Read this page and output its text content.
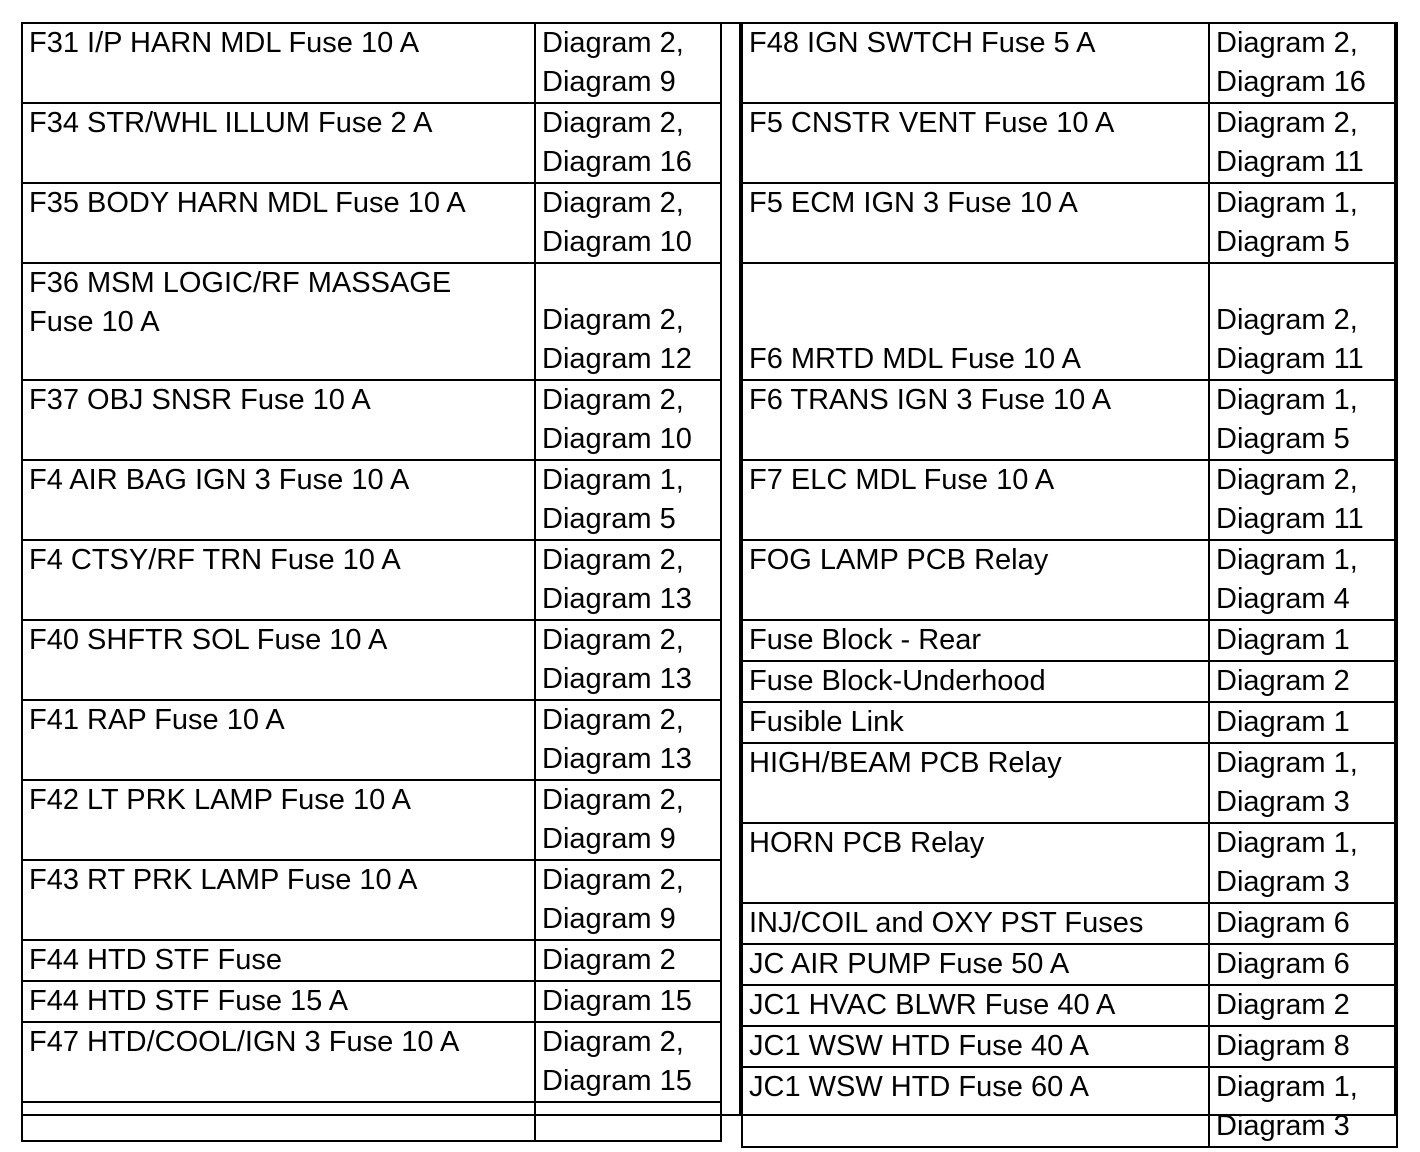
F31 I/P HARN MDL Fuse 10 A	Diagram 2,
Diagram 9
F34 STR/WHL ILLUM Fuse 2 A	Diagram 2,
Diagram 16
F35 BODY HARN MDL Fuse 10 A	Diagram 2,
Diagram 10
F36 MSM LOGIC/RF MASSAGE
Fuse 10 A	Diagram 2,
Diagram 12
F37 OBJ SNSR Fuse 10 A	Diagram 2,
Diagram 10
F4 AIR BAG IGN 3 Fuse 10 A	Diagram 1,
Diagram 5
F4 CTSY/RF TRN Fuse 10 A	Diagram 2,
Diagram 13
F40 SHFTR SOL Fuse 10 A	Diagram 2,
Diagram 13
F41 RAP Fuse 10 A	Diagram 2,
Diagram 13
F42 LT PRK LAMP Fuse 10 A	Diagram 2,
Diagram 9
F43 RT PRK LAMP Fuse 10 A	Diagram 2,
Diagram 9
F44 HTD STF Fuse	Diagram 2
F44 HTD STF Fuse 15 A	Diagram 15
F47 HTD/COOL/IGN 3 Fuse 10 A	Diagram 2,
Diagram 15

F48 IGN SWTCH Fuse 5 A	Diagram 2,
Diagram 16
F5 CNSTR VENT Fuse 10 A	Diagram 2,
Diagram 11
F5 ECM IGN 3 Fuse 10 A	Diagram 1,
Diagram 5
F6 MRTD MDL Fuse 10 A	Diagram 2,
Diagram 11
F6 TRANS IGN 3 Fuse 10 A	Diagram 1,
Diagram 5
F7 ELC MDL Fuse 10 A	Diagram 2,
Diagram 11
FOG LAMP PCB Relay	Diagram 1,
Diagram 4
Fuse Block - Rear	Diagram 1
Fuse Block-Underhood	Diagram 2
Fusible Link	Diagram 1
HIGH/BEAM PCB Relay	Diagram 1,
Diagram 3
HORN PCB Relay	Diagram 1,
Diagram 3
INJ/COIL and OXY PST Fuses	Diagram 6
JC AIR PUMP Fuse 50 A	Diagram 6
JC1 HVAC BLWR Fuse 40 A	Diagram 2
JC1 WSW HTD Fuse 40 A	Diagram 8
JC1 WSW HTD Fuse 60 A	Diagram 1,
Diagram 3
